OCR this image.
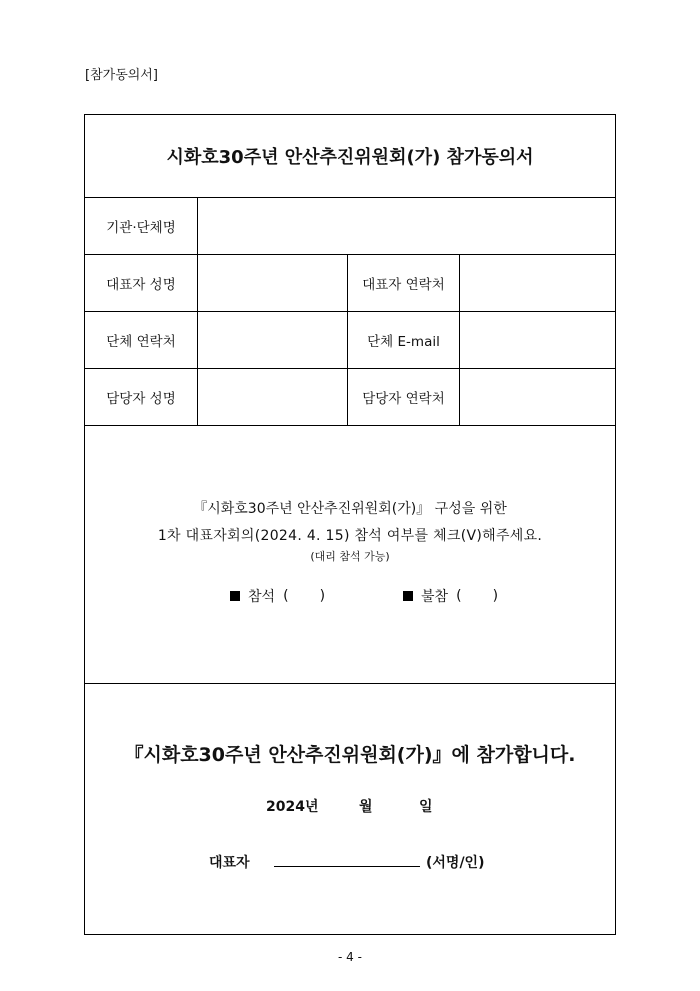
[참가동의서]
시화호30주년 안산추진위원회(가) 참가동의서
기관·단체명
대표자 성명	대표자 연락처
단체 연락처	단체 E-mail
담당자 성명	담당자 연락처
『시화호30주년 안산추진위원회(가)』 구성을 위한
1차 대표자회의(2024. 4. 15) 참석 여부를 체크(V)해주세요.
(대리 참석 가능)
참석 (       )	불참 (       )
『시화호30주년 안산추진위원회(가)』에 참가합니다.
2024년	월	일
대표자	(서명/인)
- 4 -
